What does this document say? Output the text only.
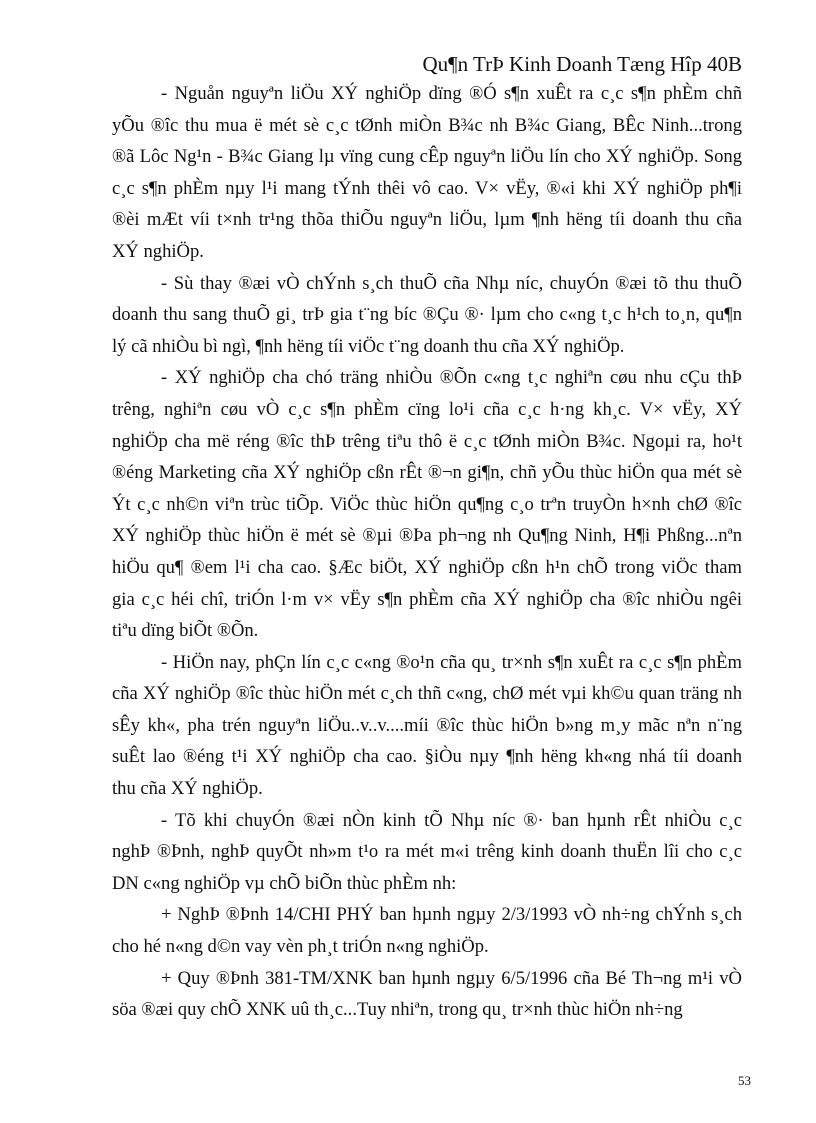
Qu¶n TrÞ Kinh Doanh Tæng Hîp 40B
- Nguån nguyªn liÖu XÝ nghiÖp dïng ®Ó s¶n xuÊt ra c¸c s¶n phÈm chñ
yÕu ®îc thu mua ë mét sè c¸c tØnh miÒn B¾c nh B¾c Giang, BÊc Ninh...trong
®ã Lôc Ng¹n - B¾c Giang lµ vïng cung cÊp nguyªn liÖu lín cho XÝ nghiÖp. Song
c¸c s¶n phÈm nµy l¹i mang tÝnh thêi vô cao. V× vËy, ®«i khi XÝ nghiÖp ph¶i
®èi mÆt víi t×nh tr¹ng thõa thiÕu nguyªn liÖu, lµm ¶nh hëng tíi doanh thu cña
XÝ nghiÖp.
- Sù thay ®æi vÒ chÝnh s¸ch thuÕ cña Nhµ níc, chuyÓn ®æi tõ thu thuÕ
doanh thu sang thuÕ gi¸ trÞ gia t¨ng bíc ®Çu ®· lµm cho c«ng t¸c h¹ch to¸n, qu¶n
lý cã nhiÒu bì ngì, ¶nh hëng tíi viÖc t¨ng doanh thu cña XÝ nghiÖp.
- XÝ nghiÖp cha chó träng nhiÒu ®Õn c«ng t¸c nghiªn cøu nhu cÇu thÞ
trêng, nghiªn cøu vÒ c¸c s¶n phÈm cïng lo¹i cña c¸c h·ng kh¸c. V× vËy, XÝ
nghiÖp cha më réng ®îc thÞ trêng tiªu thô ë c¸c tØnh miÒn B¾c. Ngoµi ra, ho¹t
®éng Marketing cña XÝ nghiÖp cßn rÊt ®¬n gi¶n, chñ yÕu thùc hiÖn qua mét sè
Ýt c¸c nh©n viªn trùc tiÕp. ViÖc thùc hiÖn qu¶ng c¸o trªn truyÒn h×nh chØ ®îc
XÝ nghiÖp thùc hiÖn ë mét sè ®µi ®Þa ph¬ng nh Qu¶ng Ninh, H¶i Phßng...nªn
hiÖu qu¶ ®em l¹i cha cao. §Æc biÖt, XÝ nghiÖp cßn h¹n chÕ trong viÖc tham
gia c¸c héi chî, triÓn l·m v× vËy s¶n phÈm cña XÝ nghiÖp cha ®îc nhiÒu ngêi
tiªu dïng biÕt ®Õn.
- HiÖn nay, phÇn lín c¸c c«ng ®o¹n cña qu¸ tr×nh s¶n xuÊt ra c¸c s¶n phÈm
cña XÝ nghiÖp ®îc thùc hiÖn mét c¸ch thñ c«ng, chØ mét vµi kh©u quan träng nh
sÊy kh«, pha trén nguyªn liÖu..v..v....míi ®îc thùc hiÖn b»ng m¸y mãc nªn n¨ng
suÊt lao ®éng t¹i XÝ nghiÖp cha cao. §iÒu nµy ¶nh hëng kh«ng nhá tíi doanh
thu cña XÝ nghiÖp.
- Tõ khi chuyÓn ®æi nÒn kinh tÕ Nhµ níc ®· ban hµnh rÊt nhiÒu c¸c
nghÞ ®Þnh, nghÞ quyÕt nh»m t¹o ra mét m«i trêng kinh doanh thuËn lîi cho c¸c
DN c«ng nghiÖp vµ chÕ biÕn thùc phÈm nh:
+ NghÞ ®Þnh 14/CHI PHÝ ban hµnh ngµy 2/3/1993 vÒ nh÷ng chÝnh s¸ch
cho hé n«ng d©n vay vèn ph¸t triÓn n«ng nghiÖp.
+ Quy ®Þnh 381-TM/XNK ban hµnh ngµy 6/5/1996 cña Bé Th¬ng m¹i vÒ
söa ®æi quy chÕ XNK uû th¸c...Tuy nhiªn, trong qu¸ tr×nh thùc hiÖn nh÷ng
53
